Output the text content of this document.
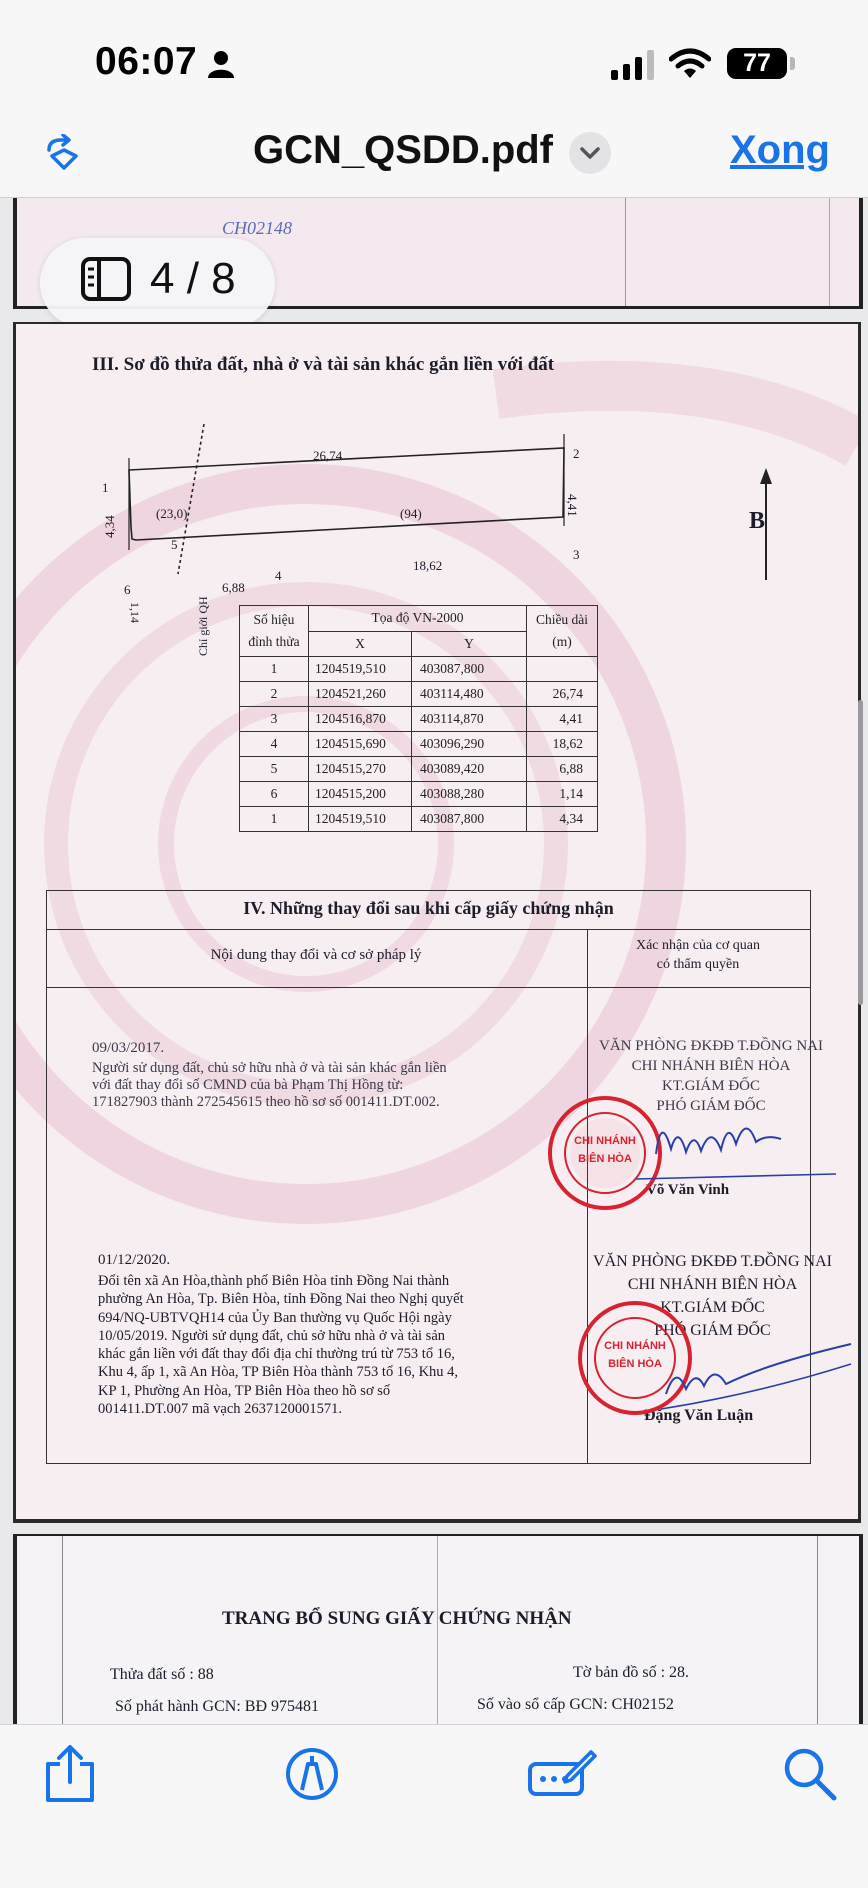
06:07	77
GCN_QSDD.pdf	Xong
CH02148
4 / 8
III. Sơ đồ thửa đất, nhà ở và tài sản khác gắn liền với đất
26,74	2
1
(23,0)	(94)	4,41
4,34
5
3
18,62
4
6
1,14
6,88
Chỉ giới QH
B
Số hiệu đỉnh thửa	Tọa độ VN-2000		Chiều dài (m)
	X	Y	
1	1204519,510	403087,800	
2	1204521,260	403114,480	26,74
3	1204516,870	403114,870	4,41
4	1204515,690	403096,290	18,62
5	1204515,270	403089,420	6,88
6	1204515,200	403088,280	1,14
1	1204519,510	403087,800	4,34
IV. Những thay đổi sau khi cấp giấy chứng nhận
Nội dung thay đổi và cơ sở pháp lý
Xác nhận của cơ quan
có thẩm quyền
09/03/2017.
Người sử dụng đất, chủ sở hữu nhà ở và tài sản khác gắn liền
với đất thay đổi số CMND của bà Phạm Thị Hồng từ:
171827903 thành 272545615 theo hồ sơ số 001411.DT.002.
VĂN PHÒNG ĐKĐĐ T.ĐỒNG NAI
CHI NHÁNH BIÊN HÒA
KT.GIÁM ĐỐC
PHÓ GIÁM ĐỐC
Võ Văn Vinh
CHI NHÁNH
BIÊN HÒA
01/12/2020.
Đổi tên xã An Hòa,thành phố Biên Hòa tỉnh Đồng Nai thành
phường An Hòa, Tp. Biên Hòa, tỉnh Đồng Nai theo Nghị quyết
694/NQ-UBTVQH14 của Ủy Ban thường vụ Quốc Hội ngày
10/05/2019. Người sử dụng đất, chủ sở hữu nhà ở và tài sản
khác gắn liền với đất thay đổi địa chỉ thường trú từ 753 tổ 16,
Khu 4, ấp 1, xã An Hòa, TP Biên Hòa thành 753 tổ 16, Khu 4,
KP 1, Phường An Hòa, TP Biên Hòa theo hồ sơ số
001411.DT.007 mã vạch 2637120001571.
VĂN PHÒNG ĐKĐĐ T.ĐỒNG NAI
CHI NHÁNH BIÊN HÒA
KT.GIÁM ĐỐC
PHÓ GIÁM ĐỐC
Đặng Văn Luận
CHI NHÁNH
BIÊN HÒA
TRANG BỔ SUNG GIẤY CHỨNG NHẬN
Thửa đất số : 88	Tờ bản đồ số : 28.
Số phát hành GCN: BĐ 975481	Số vào sổ cấp GCN: CH02152
